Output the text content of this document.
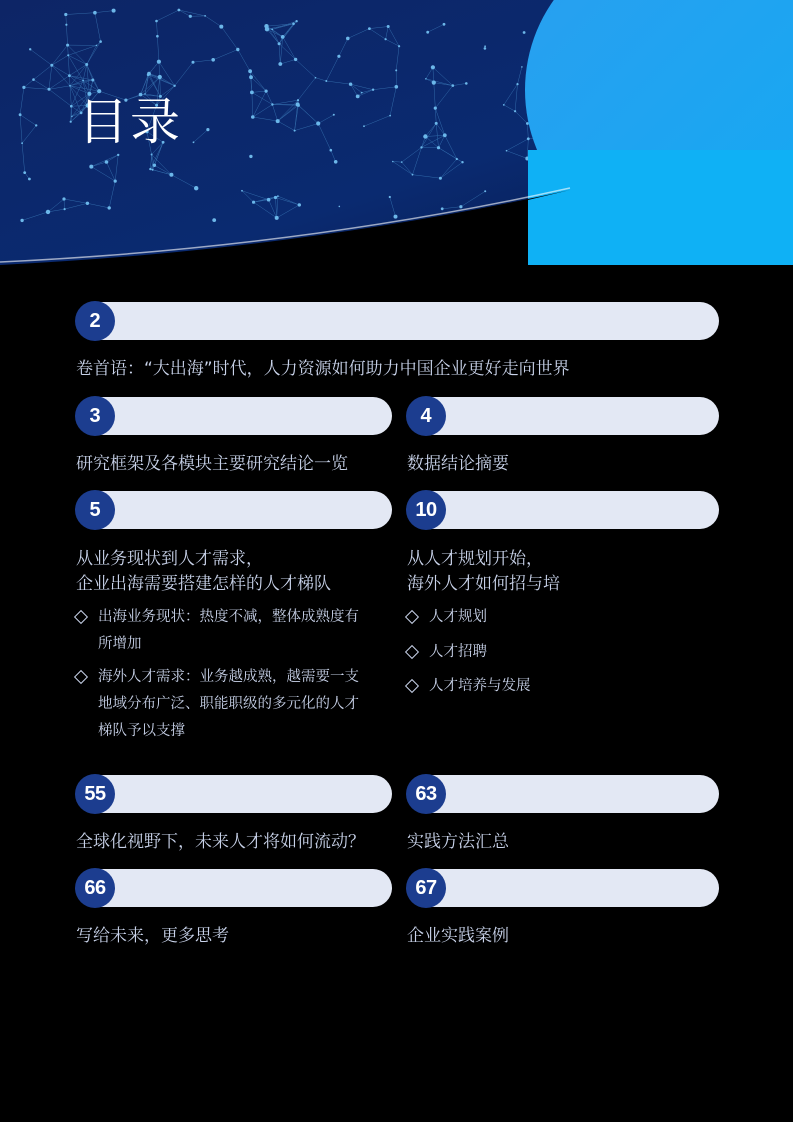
目录
2
卷首语：“大出海”时代，人力资源如何助力中国企业更好走向世界
3
研究框架及各模块主要研究结论一览
4
数据结论摘要
5
从业务现状到人才需求，
企业出海需要搭建怎样的人才梯队
出海业务现状：热度不减，整体成熟度有
所增加
海外人才需求：业务越成熟，越需要一支
地域分布广泛、职能职级的多元化的人才
梯队予以支撑
10
从人才规划开始，
海外人才如何招与培
人才规划
人才招聘
人才培养与发展
55
全球化视野下，未来人才将如何流动？
63
实践方法汇总
66
写给未来，更多思考
67
企业实践案例
